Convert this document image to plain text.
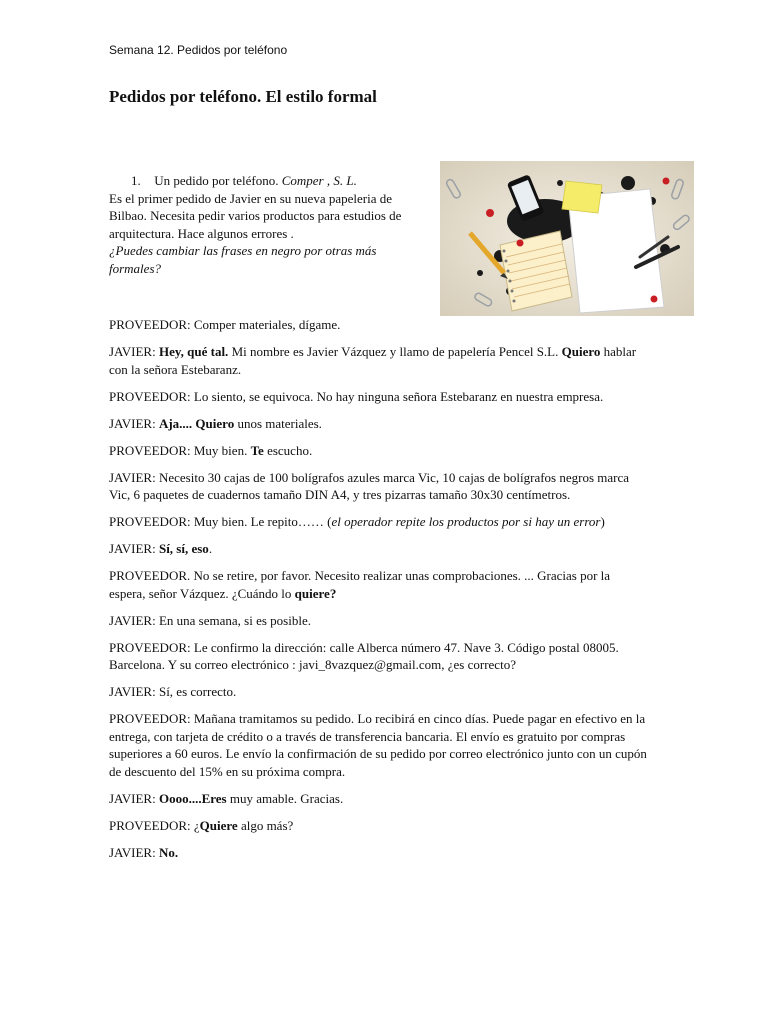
Semana 12. Pedidos por teléfono
Pedidos por teléfono. El estilo formal
1. Un pedido por teléfono. Comper , S. L.
Es el primer pedido de Javier en su nueva papeleria de Bilbao. Necesita pedir varios productos para estudios de arquitectura. Hace algunos errores .
¿Puedes cambiar las frases en negro por otras más formales?

PROVEEDOR: Comper materiales, dígame.

JAVIER: Hey, qué tal. Mi nombre es Javier Vázquez y llamo de papelería Pencel S.L. Quiero hablar con la señora Estebaranz.

PROVEEDOR: Lo siento, se equivoca. No hay ninguna señora Estebaranz en nuestra empresa.

JAVIER: Aja.... Quiero unos materiales.

PROVEEDOR: Muy bien. Te escucho.

JAVIER: Necesito 30 cajas de 100 bolígrafos azules marca Vic, 10 cajas de bolígrafos negros marca Vic, 6 paquetes de cuadernos tamaño DIN A4, y tres pizarras tamaño 30x30 centímetros.

PROVEEDOR: Muy bien. Le repito…… (el operador repite los productos por si hay un error)

JAVIER: Sí, sí, eso.

PROVEEDOR. No se retire, por favor. Necesito realizar unas comprobaciones. ... Gracias por la espera, señor Vázquez. ¿Cuándo lo quiere?

JAVIER: En una semana, si es posible.

PROVEEDOR: Le confirmo la dirección: calle Alberca número 47. Nave 3. Código postal 08005. Barcelona. Y su correo electrónico : javi_8vazquez@gmail.com, ¿es correcto?

JAVIER: Sí, es correcto.

PROVEEDOR: Mañana tramitamos su pedido. Lo recibirá en cinco días. Puede pagar en efectivo en la entrega, con tarjeta de crédito o a través de transferencia bancaria. El envío es gratuito por compras superiores a 60 euros. Le envío la confirmación de su pedido por correo electrónico junto con un cupón de descuento del 15% en su próxima compra.

JAVIER: Oooo....Eres muy amable. Gracias.

PROVEEDOR: ¿Quiere algo más?

JAVIER: No.
